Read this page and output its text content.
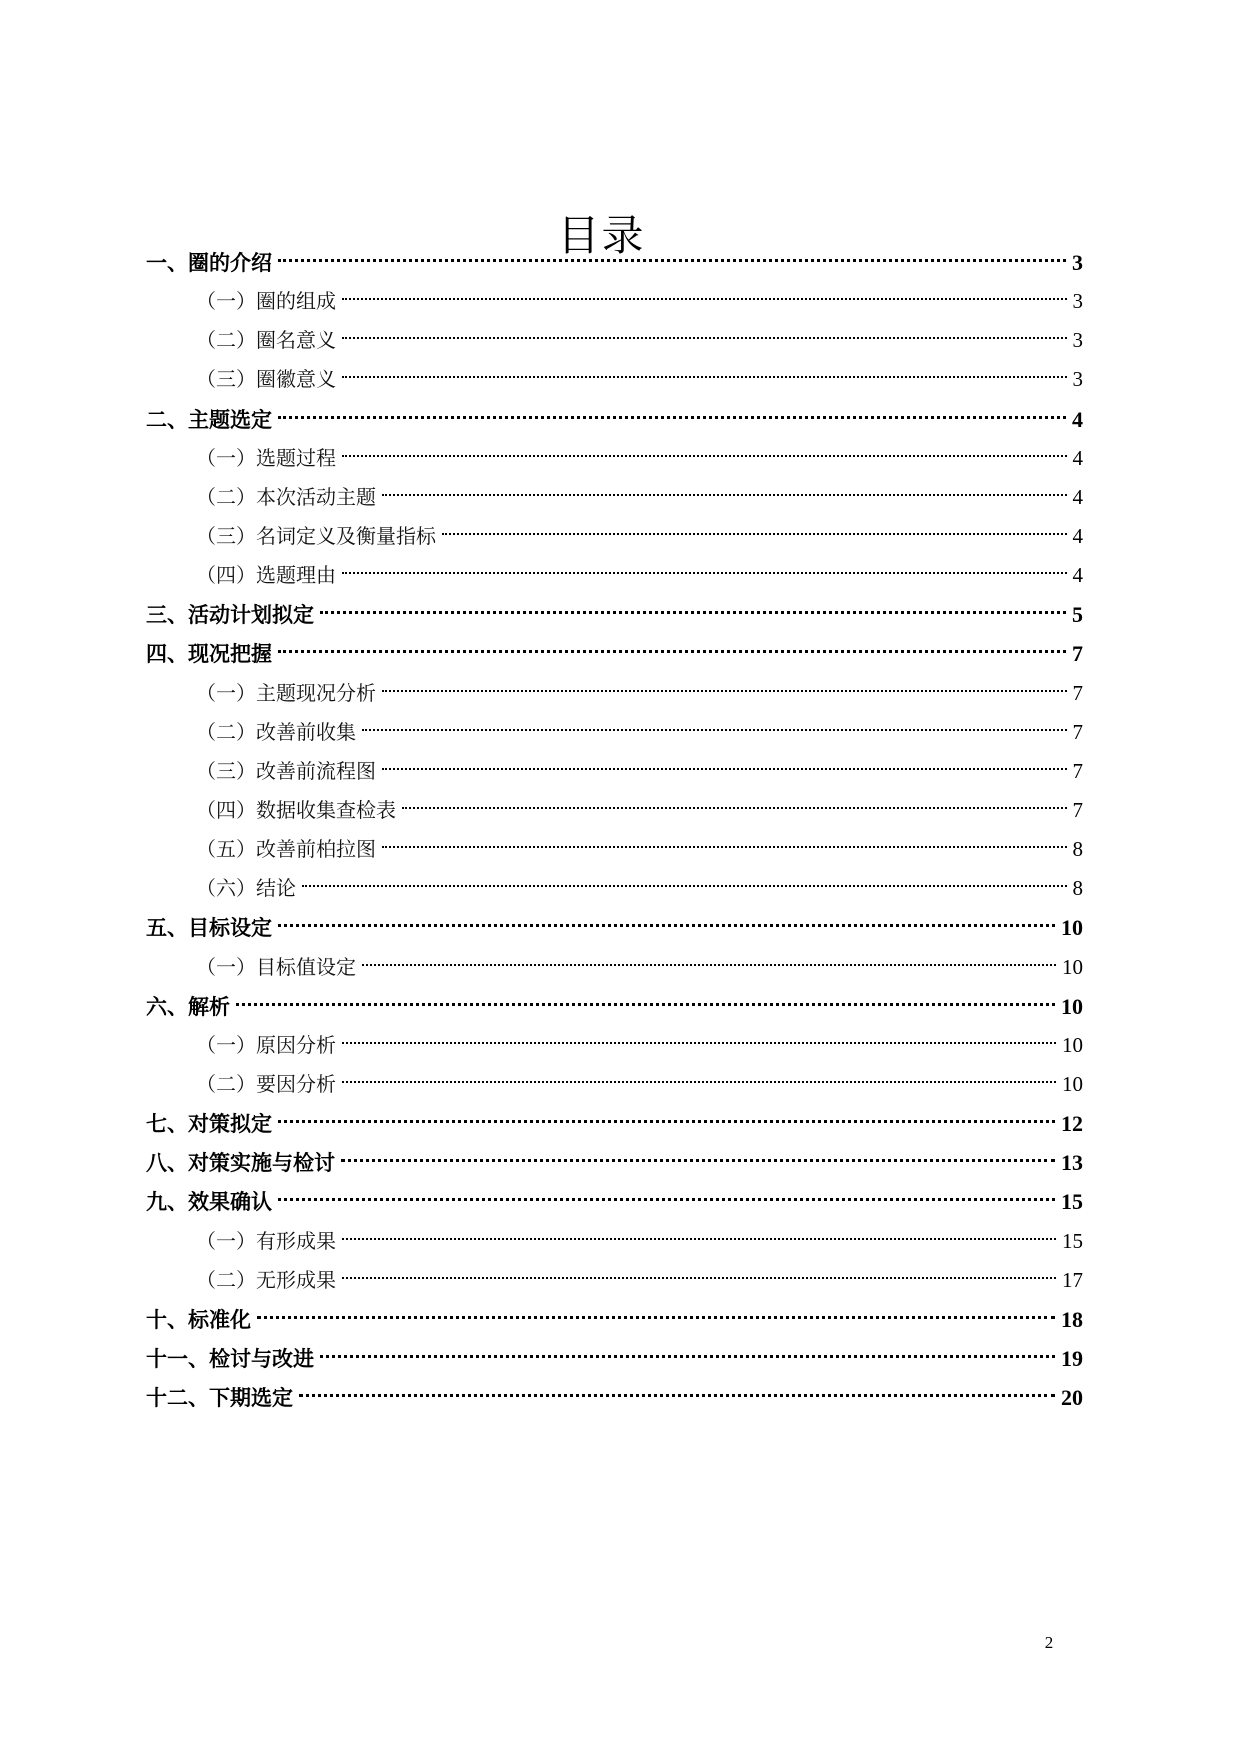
目录
一、圈的介绍	3
（一）圈的组成	3
（二）圈名意义	3
（三）圈徽意义	3
二、主题选定	4
（一）选题过程	4
（二）本次活动主题	4
（三）名词定义及衡量指标	4
（四）选题理由	4
三、活动计划拟定	5
四、现况把握	7
（一）主题现况分析	7
（二）改善前收集	7
（三）改善前流程图	7
（四）数据收集查检表	7
（五）改善前柏拉图	8
（六）结论	8
五、目标设定	10
（一）目标值设定	10
六、解析	10
（一）原因分析	10
（二）要因分析	10
七、对策拟定	12
八、对策实施与检讨	13
九、效果确认	15
（一）有形成果	15
（二）无形成果	17
十、标准化	18
十一、检讨与改进	19
十二、下期选定	20
2
